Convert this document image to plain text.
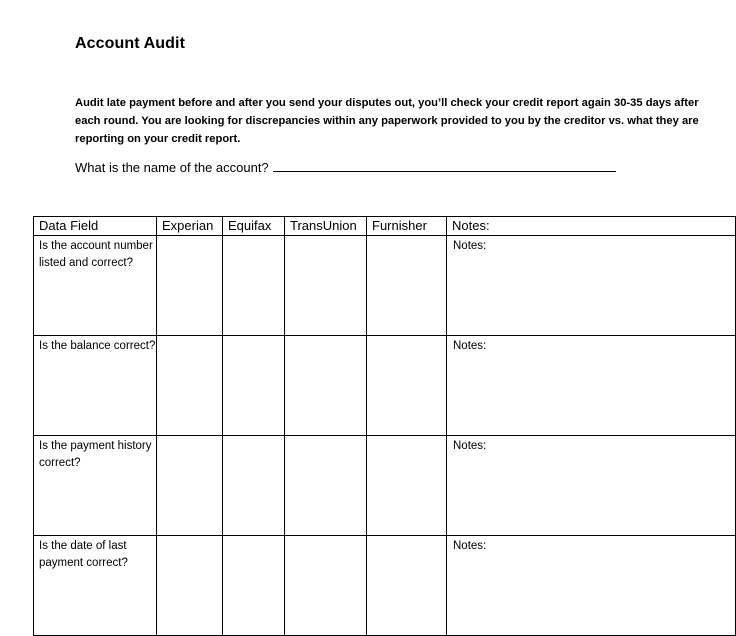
Account Audit
Audit late payment before and after you send your disputes out, you’ll check your credit report again 30-35 days after each round. You are looking for discrepancies within any paperwork provided to you by the creditor vs. what they are reporting on your credit report.
What is the name of the account?
Data Field	Experian	Equifax	TransUnion	Furnisher	Notes:
Is the account number listed and correct?					Notes:
Is the balance correct?					Notes:
Is the payment history correct?					Notes:
Is the date of last payment correct?					Notes:
